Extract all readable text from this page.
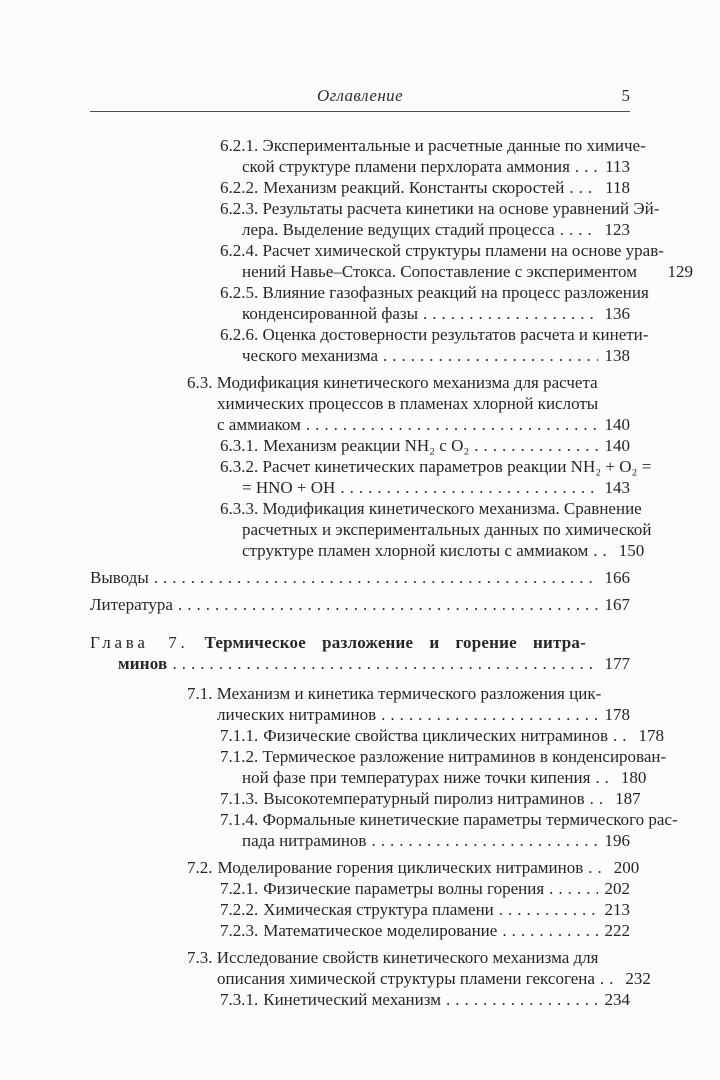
Оглавление	5
6.2.1. Экспериментальные и расчетные данные по химиче-
ской структуре пламени перхлората аммония .....	113
6.2.2. Механизм реакций. Константы скоростей .....	118
6.2.3. Результаты расчета кинетики на основе уравнений Эй-
лера. Выделение ведущих стадий процесса .....	123
6.2.4. Расчет химической структуры пламени на основе урав-
нений Навье–Стокса. Сопоставление с экспериментом	129
6.2.5. Влияние газофазных реакций на процесс разложения
конденсированной фазы .....	136
6.2.6. Оценка достоверности результатов расчета и кинети-
ческого механизма .....	138
6.3. Модификация кинетического механизма для расчета
химических процессов в пламенах хлорной кислоты
с аммиаком .....	140
6.3.1. Механизм реакции NH₂ с O₂ .....	140
6.3.2. Расчет кинетических параметров реакции NH₂ + O₂ =
= HNO + OH .....	143
6.3.3. Модификация кинетического механизма. Сравнение
расчетных и экспериментальных данных по химической
структуре пламен хлорной кислоты с аммиаком .....	150
Выводы .....	166
Литература .....	167
Глава 7. Термическое разложение и горение нитра-
минов .....	177
7.1. Механизм и кинетика термического разложения цик-
лических нитраминов .....	178
7.1.1. Физические свойства циклических нитраминов .....	178
7.1.2. Термическое разложение нитраминов в конденсирован-
ной фазе при температурах ниже точки кипения .....	180
7.1.3. Высокотемпературный пиролиз нитраминов .....	187
7.1.4. Формальные кинетические параметры термического рас-
пада нитраминов .....	196
7.2. Моделирование горения циклических нитраминов .....	200
7.2.1. Физические параметры волны горения .....	202
7.2.2. Химическая структура пламени .....	213
7.2.3. Математическое моделирование .....	222
7.3. Исследование свойств кинетического механизма для
описания химической структуры пламени гексогена .....	232
7.3.1. Кинетический механизм .....	234
